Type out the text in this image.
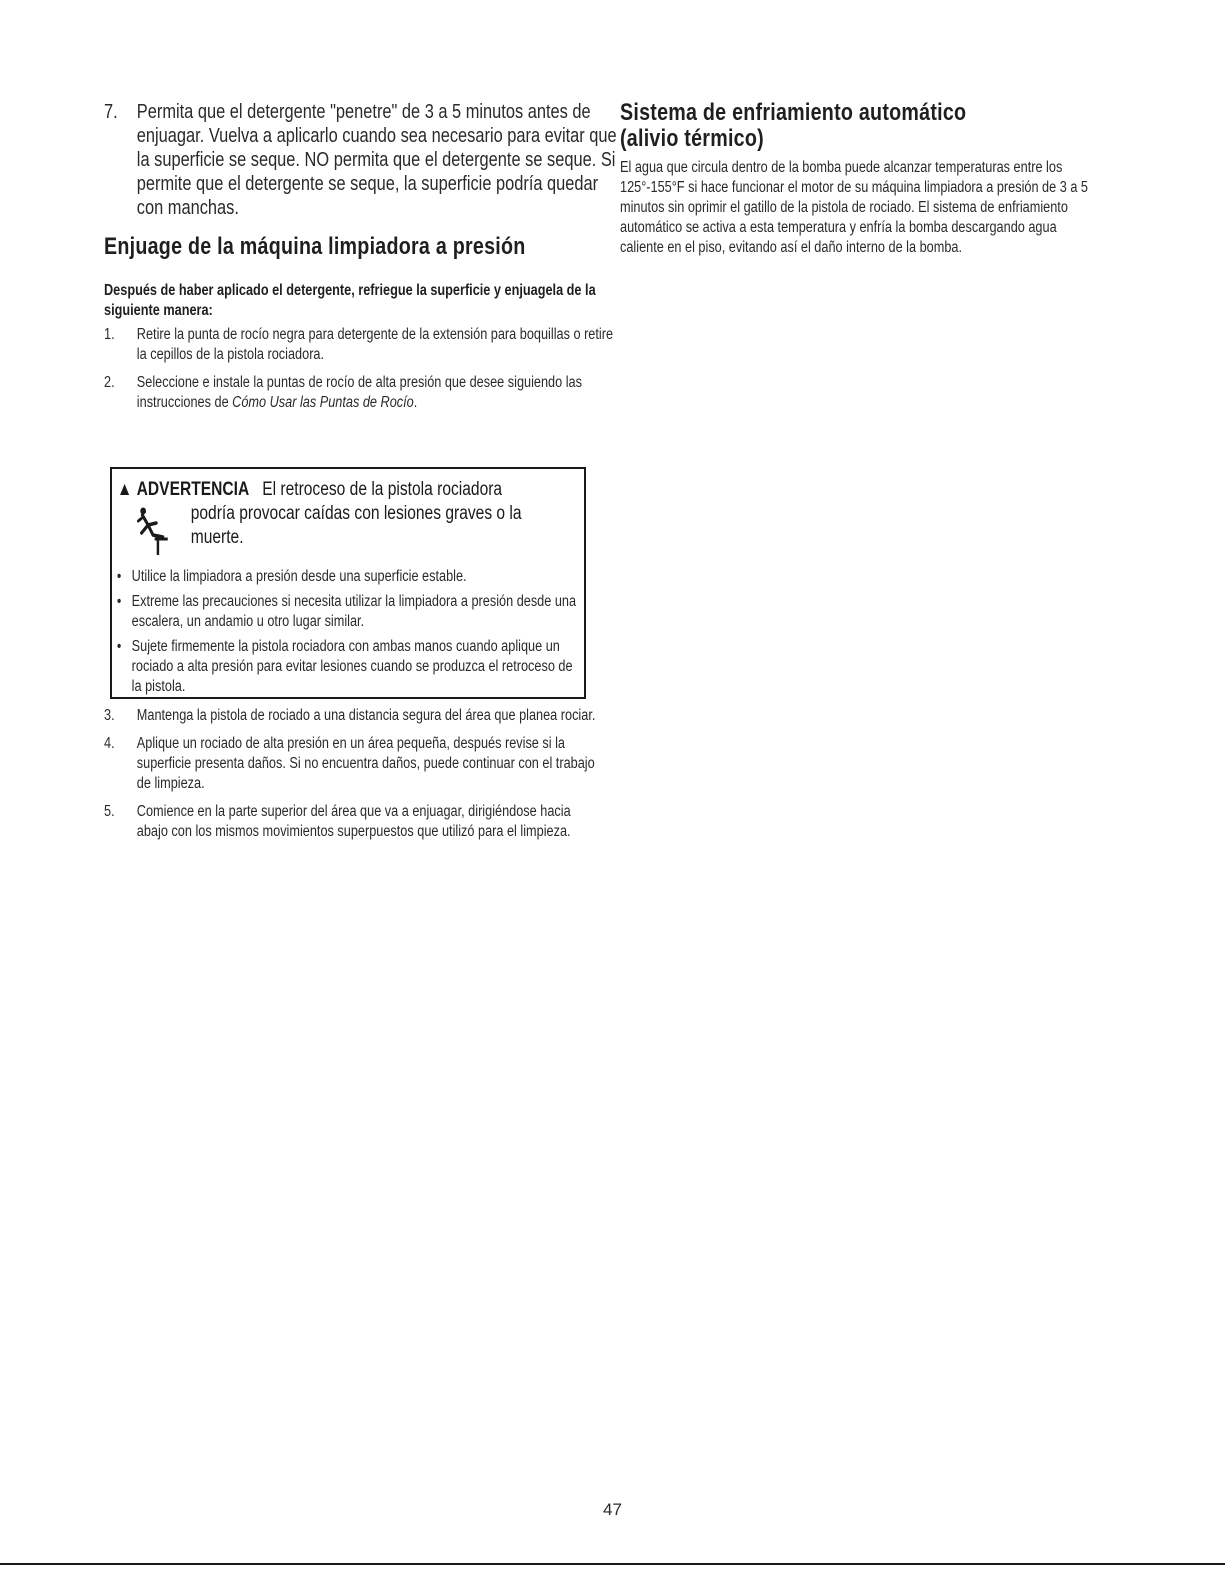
7. Permita que el detergente "penetre" de 3 a 5 minutos antes de enjuagar. Vuelva a aplicarlo cuando sea necesario para evitar que la superficie se seque. NO permita que el detergente se seque. Si permite que el detergente se seque, la superficie podría quedar con manchas.
Enjuage de la máquina limpiadora a presión
Después de haber aplicado el detergente, refriegue la superficie y enjuagela de la siguiente manera:
1. Retire la punta de rocío negra para detergente de la extensión para boquillas o retire la cepillos de la pistola rociadora.
2. Seleccione e instale la puntas de rocío de alta presión que desee siguiendo las instrucciones de Cómo Usar las Puntas de Rocío.
▲ ADVERTENCIA El retroceso de la pistola rociadora
podría provocar caídas con lesiones graves o la muerte.
• Utilice la limpiadora a presión desde una superficie estable.
• Extreme las precauciones si necesita utilizar la limpiadora a presión desde una escalera, un andamio u otro lugar similar.
• Sujete firmemente la pistola rociadora con ambas manos cuando aplique un rociado a alta presión para evitar lesiones cuando se produzca el retroceso de la pistola.
3. Mantenga la pistola de rociado a una distancia segura del área que planea rociar.
4. Aplique un rociado de alta presión en un área pequeña, después revise si la superficie presenta daños. Si no encuentra daños, puede continuar con el trabajo de limpieza.
5. Comience en la parte superior del área que va a enjuagar, dirigiéndose hacia abajo con los mismos movimientos superpuestos que utilizó para el limpieza.
Sistema de enfriamiento automático
(alivio térmico)
El agua que circula dentro de la bomba puede alcanzar temperaturas entre los 125°-155°F si hace funcionar el motor de su máquina limpiadora a presión de 3 a 5 minutos sin oprimir el gatillo de la pistola de rociado. El sistema de enfriamiento automático se activa a esta temperatura y enfría la bomba descargando agua caliente en el piso, evitando así el daño interno de la bomba.
47
